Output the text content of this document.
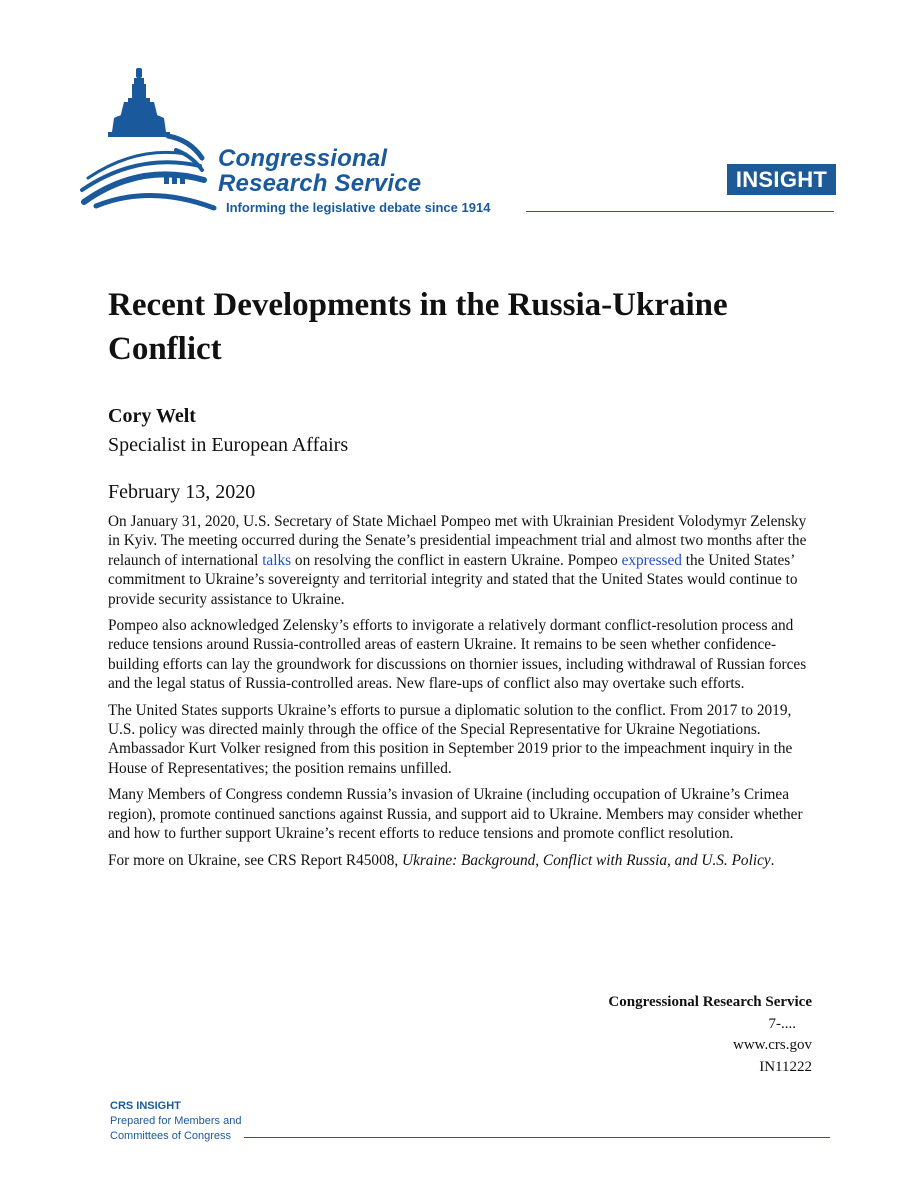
Congressional
Research Service
Informing the legislative debate since 1914
INSIGHT
Recent Developments in the Russia-Ukraine Conflict
Cory Welt
Specialist in European Affairs
February 13, 2020

On January 31, 2020, U.S. Secretary of State Michael Pompeo met with Ukrainian President Volodymyr Zelensky in Kyiv. The meeting occurred during the Senate’s presidential impeachment trial and almost two months after the relaunch of international talks on resolving the conflict in eastern Ukraine. Pompeo expressed the United States’ commitment to Ukraine’s sovereignty and territorial integrity and stated that the United States would continue to provide security assistance to Ukraine.

Pompeo also acknowledged Zelensky’s efforts to invigorate a relatively dormant conflict-resolution process and reduce tensions around Russia-controlled areas of eastern Ukraine. It remains to be seen whether confidence-building efforts can lay the groundwork for discussions on thornier issues, including withdrawal of Russian forces and the legal status of Russia-controlled areas. New flare-ups of conflict also may overtake such efforts.

The United States supports Ukraine’s efforts to pursue a diplomatic solution to the conflict. From 2017 to 2019, U.S. policy was directed mainly through the office of the Special Representative for Ukraine Negotiations. Ambassador Kurt Volker resigned from this position in September 2019 prior to the impeachment inquiry in the House of Representatives; the position remains unfilled.

Many Members of Congress condemn Russia’s invasion of Ukraine (including occupation of Ukraine’s Crimea region), promote continued sanctions against Russia, and support aid to Ukraine. Members may consider whether and how to further support Ukraine’s recent efforts to reduce tensions and promote conflict resolution.

For more on Ukraine, see CRS Report R45008, Ukraine: Background, Conflict with Russia, and U.S. Policy.

Congressional Research Service
7-....
www.crs.gov
IN11222
CRS INSIGHT
Prepared for Members and
Committees of Congress
